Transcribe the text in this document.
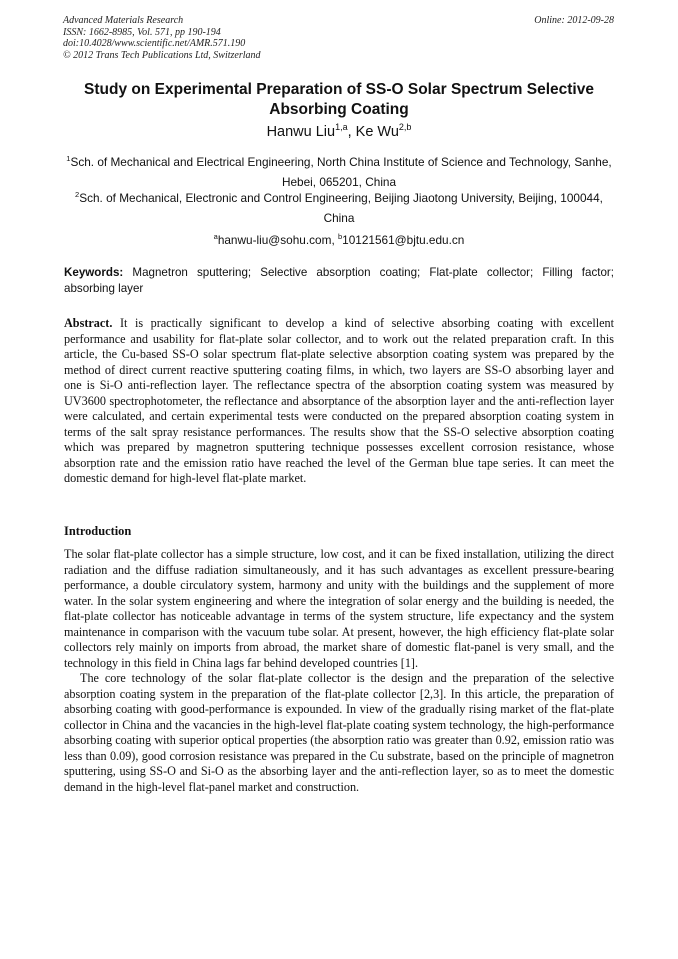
Advanced Materials Research
ISSN: 1662-8985, Vol. 571, pp 190-194
doi:10.4028/www.scientific.net/AMR.571.190
© 2012 Trans Tech Publications Ltd, Switzerland
Online: 2012-09-28
Study on Experimental Preparation of SS-O Solar Spectrum Selective Absorbing Coating
Hanwu Liu$^{1,a}$, Ke Wu$^{2,b}$
$^1$Sch. of Mechanical and Electrical Engineering, North China Institute of Science and Technology, Sanhe, Hebei, 065201, China
$^2$Sch. of Mechanical, Electronic and Control Engineering, Beijing Jiaotong University, Beijing, 100044, China
$^a$hanwu-liu@sohu.com, $^b$10121561@bjtu.edu.cn
Keywords: Magnetron sputtering; Selective absorption coating; Flat-plate collector; Filling factor; absorbing layer
Abstract. It is practically significant to develop a kind of selective absorbing coating with excellent performance and usability for flat-plate solar collector, and to work out the related preparation craft. In this article, the Cu-based SS-O solar spectrum flat-plate selective absorption coating system was prepared by the method of direct current reactive sputtering coating films, in which, two layers are SS-O absorbing layer and one is Si-O anti-reflection layer. The reflectance spectra of the absorption coating system was measured by UV3600 spectrophotometer, the reflectance and absorptance of the absorption layer and the anti-reflection layer were calculated, and certain experimental tests were conducted on the prepared absorption coating system in terms of the salt spray resistance performances. The results show that the SS-O selective absorption coating which was prepared by magnetron sputtering technique possesses excellent corrosion resistance, whose absorption rate and the emission ratio have reached the level of the German blue tape series. It can meet the domestic demand for high-level flat-plate market.
Introduction

The solar flat-plate collector has a simple structure, low cost, and it can be fixed installation, utilizing the direct radiation and the diffuse radiation simultaneously, and it has such advantages as excellent pressure-bearing performance, a double circulatory system, harmony and unity with the buildings and the supplement of more water. In the solar system engineering and where the integration of solar energy and the building is needed, the flat-plate collector has noticeable advantage in terms of the system structure, life expectancy and the system maintenance in comparison with the vacuum tube solar. At present, however, the high efficiency flat-plate solar collectors rely mainly on imports from abroad, the market share of domestic flat-panel is very small, and the technology in this field in China lags far behind developed countries [1].

The core technology of the solar flat-plate collector is the design and the preparation of the selective absorption coating system in the preparation of the flat-plate collector [2,3]. In this article, the preparation of absorbing coating with good-performance is expounded. In view of the gradually rising market of the flat-plate collector in China and the vacancies in the high-level flat-plate coating system technology, the high-performance absorbing coating with superior optical properties (the absorption ratio was greater than 0.92, emission ratio was less than 0.09), good corrosion resistance was prepared in the Cu substrate, based on the principle of magnetron sputtering, using SS-O and Si-O as the absorbing layer and the anti-reflection layer, so as to meet the domestic demand in the high-level flat-panel market and construction.
